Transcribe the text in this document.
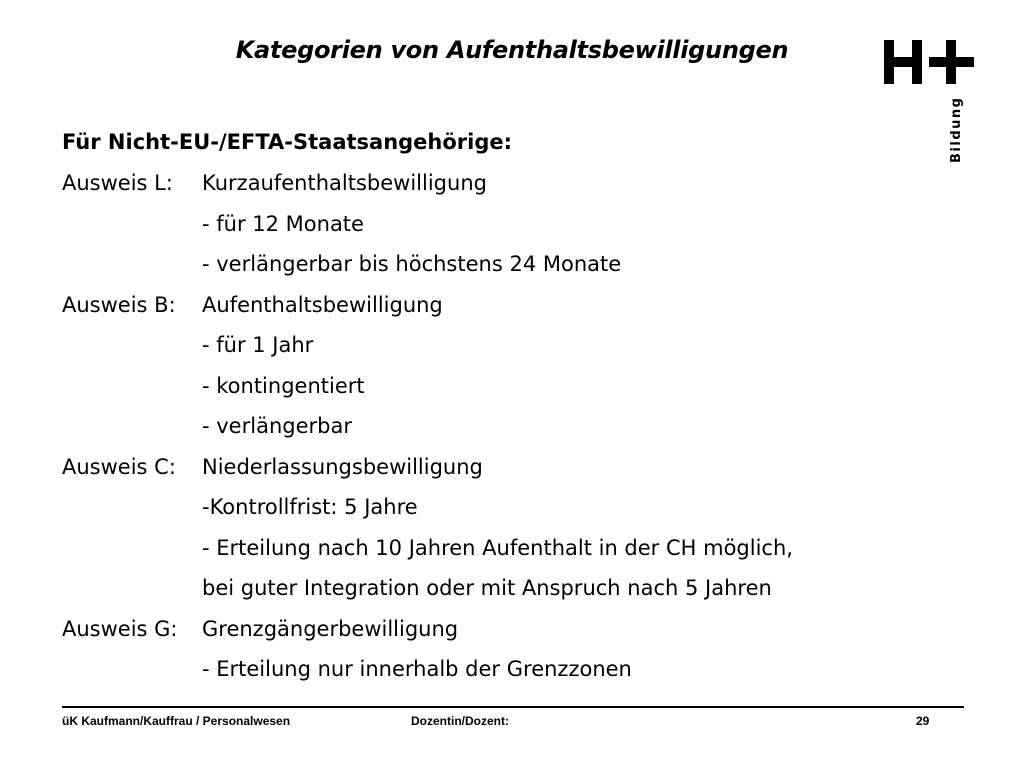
Kategorien von Aufenthaltsbewilligungen
Bildung
Für Nicht-EU-/EFTA-Staatsangehörige:
Ausweis L: Kurzaufenthaltsbewilligung
- für 12 Monate
- verlängerbar bis höchstens 24 Monate
Ausweis B: Aufenthaltsbewilligung
- für 1 Jahr
- kontingentiert
- verlängerbar
Ausweis C: Niederlassungsbewilligung
-Kontrollfrist: 5 Jahre
- Erteilung nach 10 Jahren Aufenthalt in der CH möglich,
bei guter Integration oder mit Anspruch nach 5 Jahren
Ausweis G: Grenzgängerbewilligung
- Erteilung nur innerhalb der Grenzzonen
üK Kaufmann/Kauffrau / Personalwesen	Dozentin/Dozent:	29
